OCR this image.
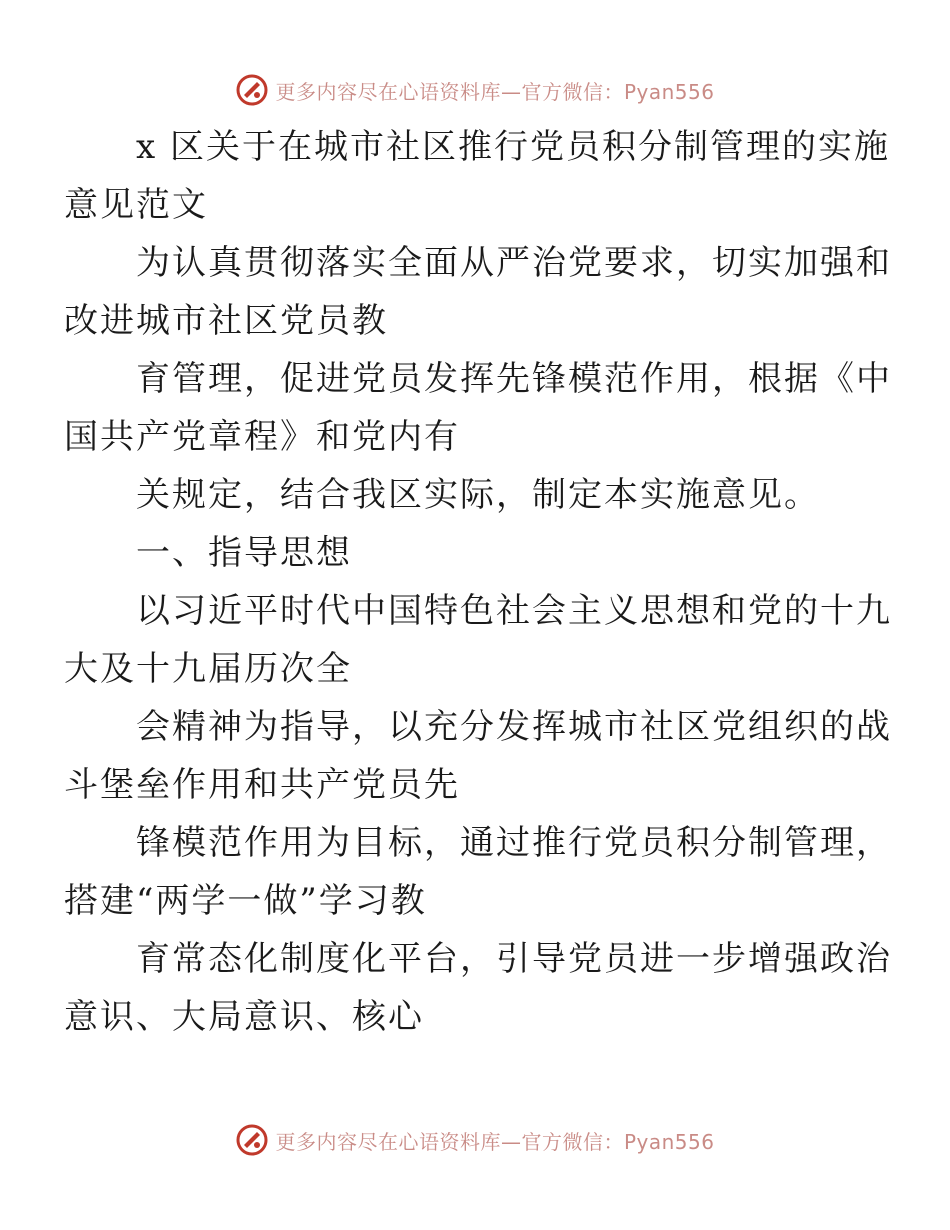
更多内容尽在心语资料库—官方微信：Pyan556

x 区关于在城市社区推行党员积分制管理的实施
意见范文

为认真贯彻落实全面从严治党要求，切实加强和
改进城市社区党员教

育管理，促进党员发挥先锋模范作用，根据《中
国共产党章程》和党内有

关规定，结合我区实际，制定本实施意见。

一、指导思想

以习近平时代中国特色社会主义思想和党的十九
大及十九届历次全

会精神为指导，以充分发挥城市社区党组织的战
斗堡垒作用和共产党员先

锋模范作用为目标，通过推行党员积分制管理，
搭建“两学一做”学习教

育常态化制度化平台，引导党员进一步增强政治
意识、大局意识、核心

更多内容尽在心语资料库—官方微信：Pyan556
